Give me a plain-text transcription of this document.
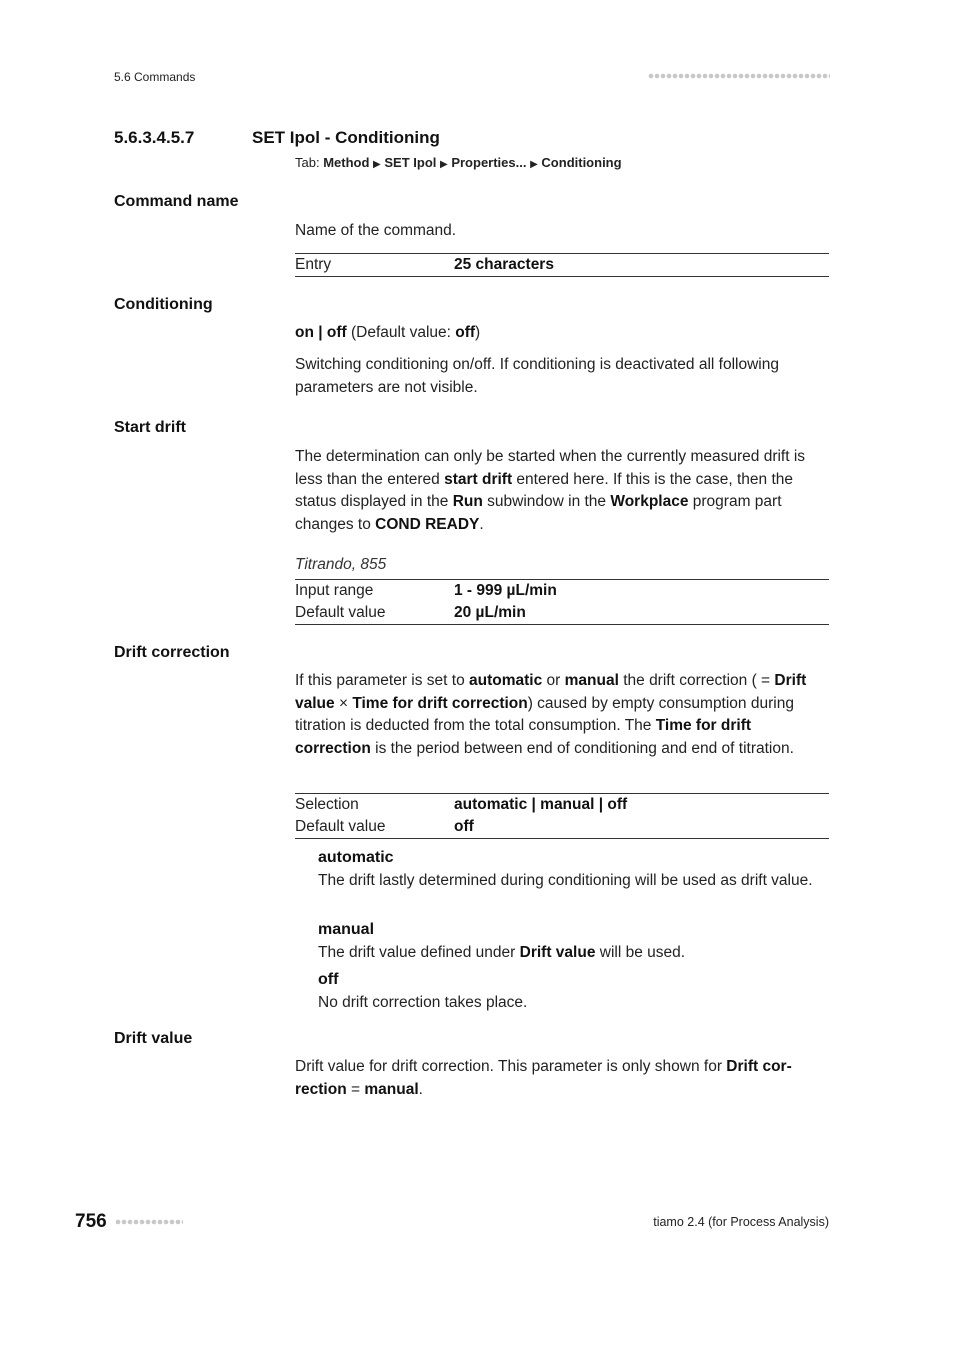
5.6 Commands
5.6.3.4.5.7	SET Ipol - Conditioning
Tab: Method ▶ SET Ipol ▶ Properties... ▶ Conditioning
Command name
Name of the command.
Entry	25 characters
Conditioning
on | off (Default value: off)
Switching conditioning on/off. If conditioning is deactivated all following parameters are not visible.
Start drift
The determination can only be started when the currently measured drift is less than the entered start drift entered here. If this is the case, then the status displayed in the Run subwindow in the Workplace program part changes to COND READY.
Titrando, 855
Input range	1 - 999 µL/min
Default value	20 µL/min
Drift correction
If this parameter is set to automatic or manual the drift correction ( = Drift value × Time for drift correction) caused by empty consumption during titration is deducted from the total consumption. The Time for drift correction is the period between end of conditioning and end of titration.
Selection	automatic | manual | off
Default value	off
automatic
The drift lastly determined during conditioning will be used as drift value.
manual
The drift value defined under Drift value will be used.
off
No drift correction takes place.
Drift value
Drift value for drift correction. This parameter is only shown for Drift cor-rection = manual.
756	tiamo 2.4 (for Process Analysis)
